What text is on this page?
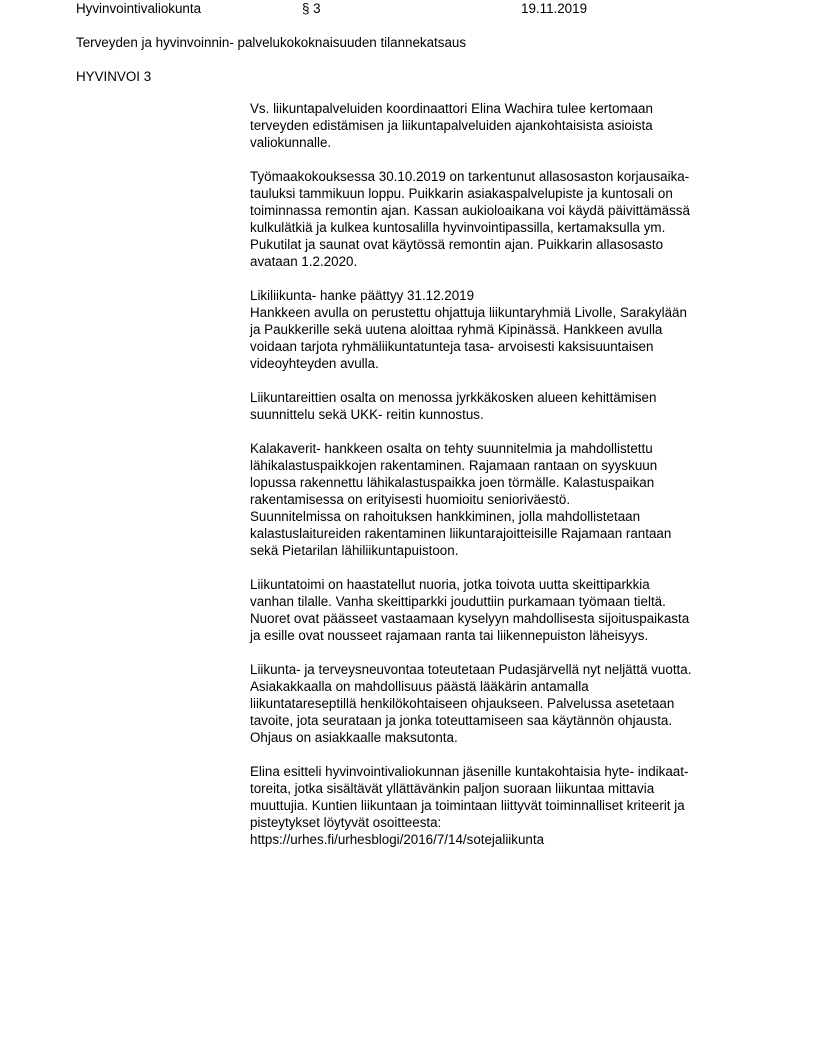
Hyvinvointivaliokunta	§ 3	19.11.2019
Terveyden ja hyvinvoinnin- palvelukokoknaisuuden tilannekatsaus
HYVINVOI 3
Vs. liikuntapalveluiden koordinaattori Elina Wachira tulee kertomaan
terveyden edistämisen ja liikuntapalveluiden ajankohtaisista asioista
valiokunnalle.
Työmaakokouksessa 30.10.2019 on tarkentunut allasosaston korjausaika-
tauluksi tammikuun loppu. Puikkarin asiakaspalvelupiste ja kuntosali on
toiminnassa remontin ajan. Kassan aukioloaikana voi käydä päivittämässä
kulkulätkiä ja kulkea kuntosalilla hyvinvointipassilla, kertamaksulla ym.
Pukutilat ja saunat ovat käytössä remontin ajan. Puikkarin allasosasto
avataan 1.2.2020.
Likiliikunta- hanke päättyy 31.12.2019
Hankkeen avulla on perustettu ohjattuja liikuntaryhmiä Livolle, Sarakylään
ja Paukkerille sekä uutena aloittaa ryhmä Kipinässä. Hankkeen avulla
voidaan tarjota ryhmäliikuntatunteja tasa- arvoisesti kaksisuuntaisen
videoyhteyden avulla.
Liikuntareittien osalta on menossa jyrkkäkosken alueen kehittämisen
suunnittelu sekä UKK- reitin kunnostus.
Kalakaverit- hankkeen osalta on tehty suunnitelmia ja mahdollistettu
lähikalastuspaikkojen rakentaminen. Rajamaan rantaan on syyskuun
lopussa rakennettu lähikalastuspaikka joen törmälle. Kalastuspaikan
rakentamisessa on erityisesti huomioitu senioriväestö.
Suunnitelmissa on rahoituksen hankkiminen, jolla mahdollistetaan
kalastuslaitureiden rakentaminen liikuntarajoitteisille Rajamaan rantaan
sekä Pietarilan lähiliikuntapuistoon.
Liikuntatoimi on haastatellut nuoria, jotka toivota uutta skeittiparkkia
vanhan tilalle. Vanha skeittiparkki jouduttiin purkamaan työmaan tieltä.
Nuoret ovat päässeet vastaamaan kyselyyn mahdollisesta sijoituspaikasta
ja esille ovat nousseet rajamaan ranta tai liikennepuiston läheisyys.
Liikunta- ja terveysneuvontaa toteutetaan Pudasjärvellä nyt neljättä vuotta.
Asiakakkaalla on mahdollisuus päästä lääkärin antamalla
liikuntatareseptillä henkilökohtaiseen ohjaukseen. Palvelussa asetetaan
tavoite, jota seurataan ja jonka toteuttamiseen saa käytännön ohjausta.
Ohjaus on asiakkaalle maksutonta.
Elina esitteli hyvinvointivaliokunnan jäsenille kuntakohtaisia hyte- indikaat-
toreita, jotka sisältävät yllättävänkin paljon suoraan liikuntaa mittavia
muuttujia. Kuntien liikuntaan ja toimintaan liittyvät toiminnalliset kriteerit ja
pisteytykset löytyvät osoitteesta:
https://urhes.fi/urhesblogi/2016/7/14/sotejaliikunta
